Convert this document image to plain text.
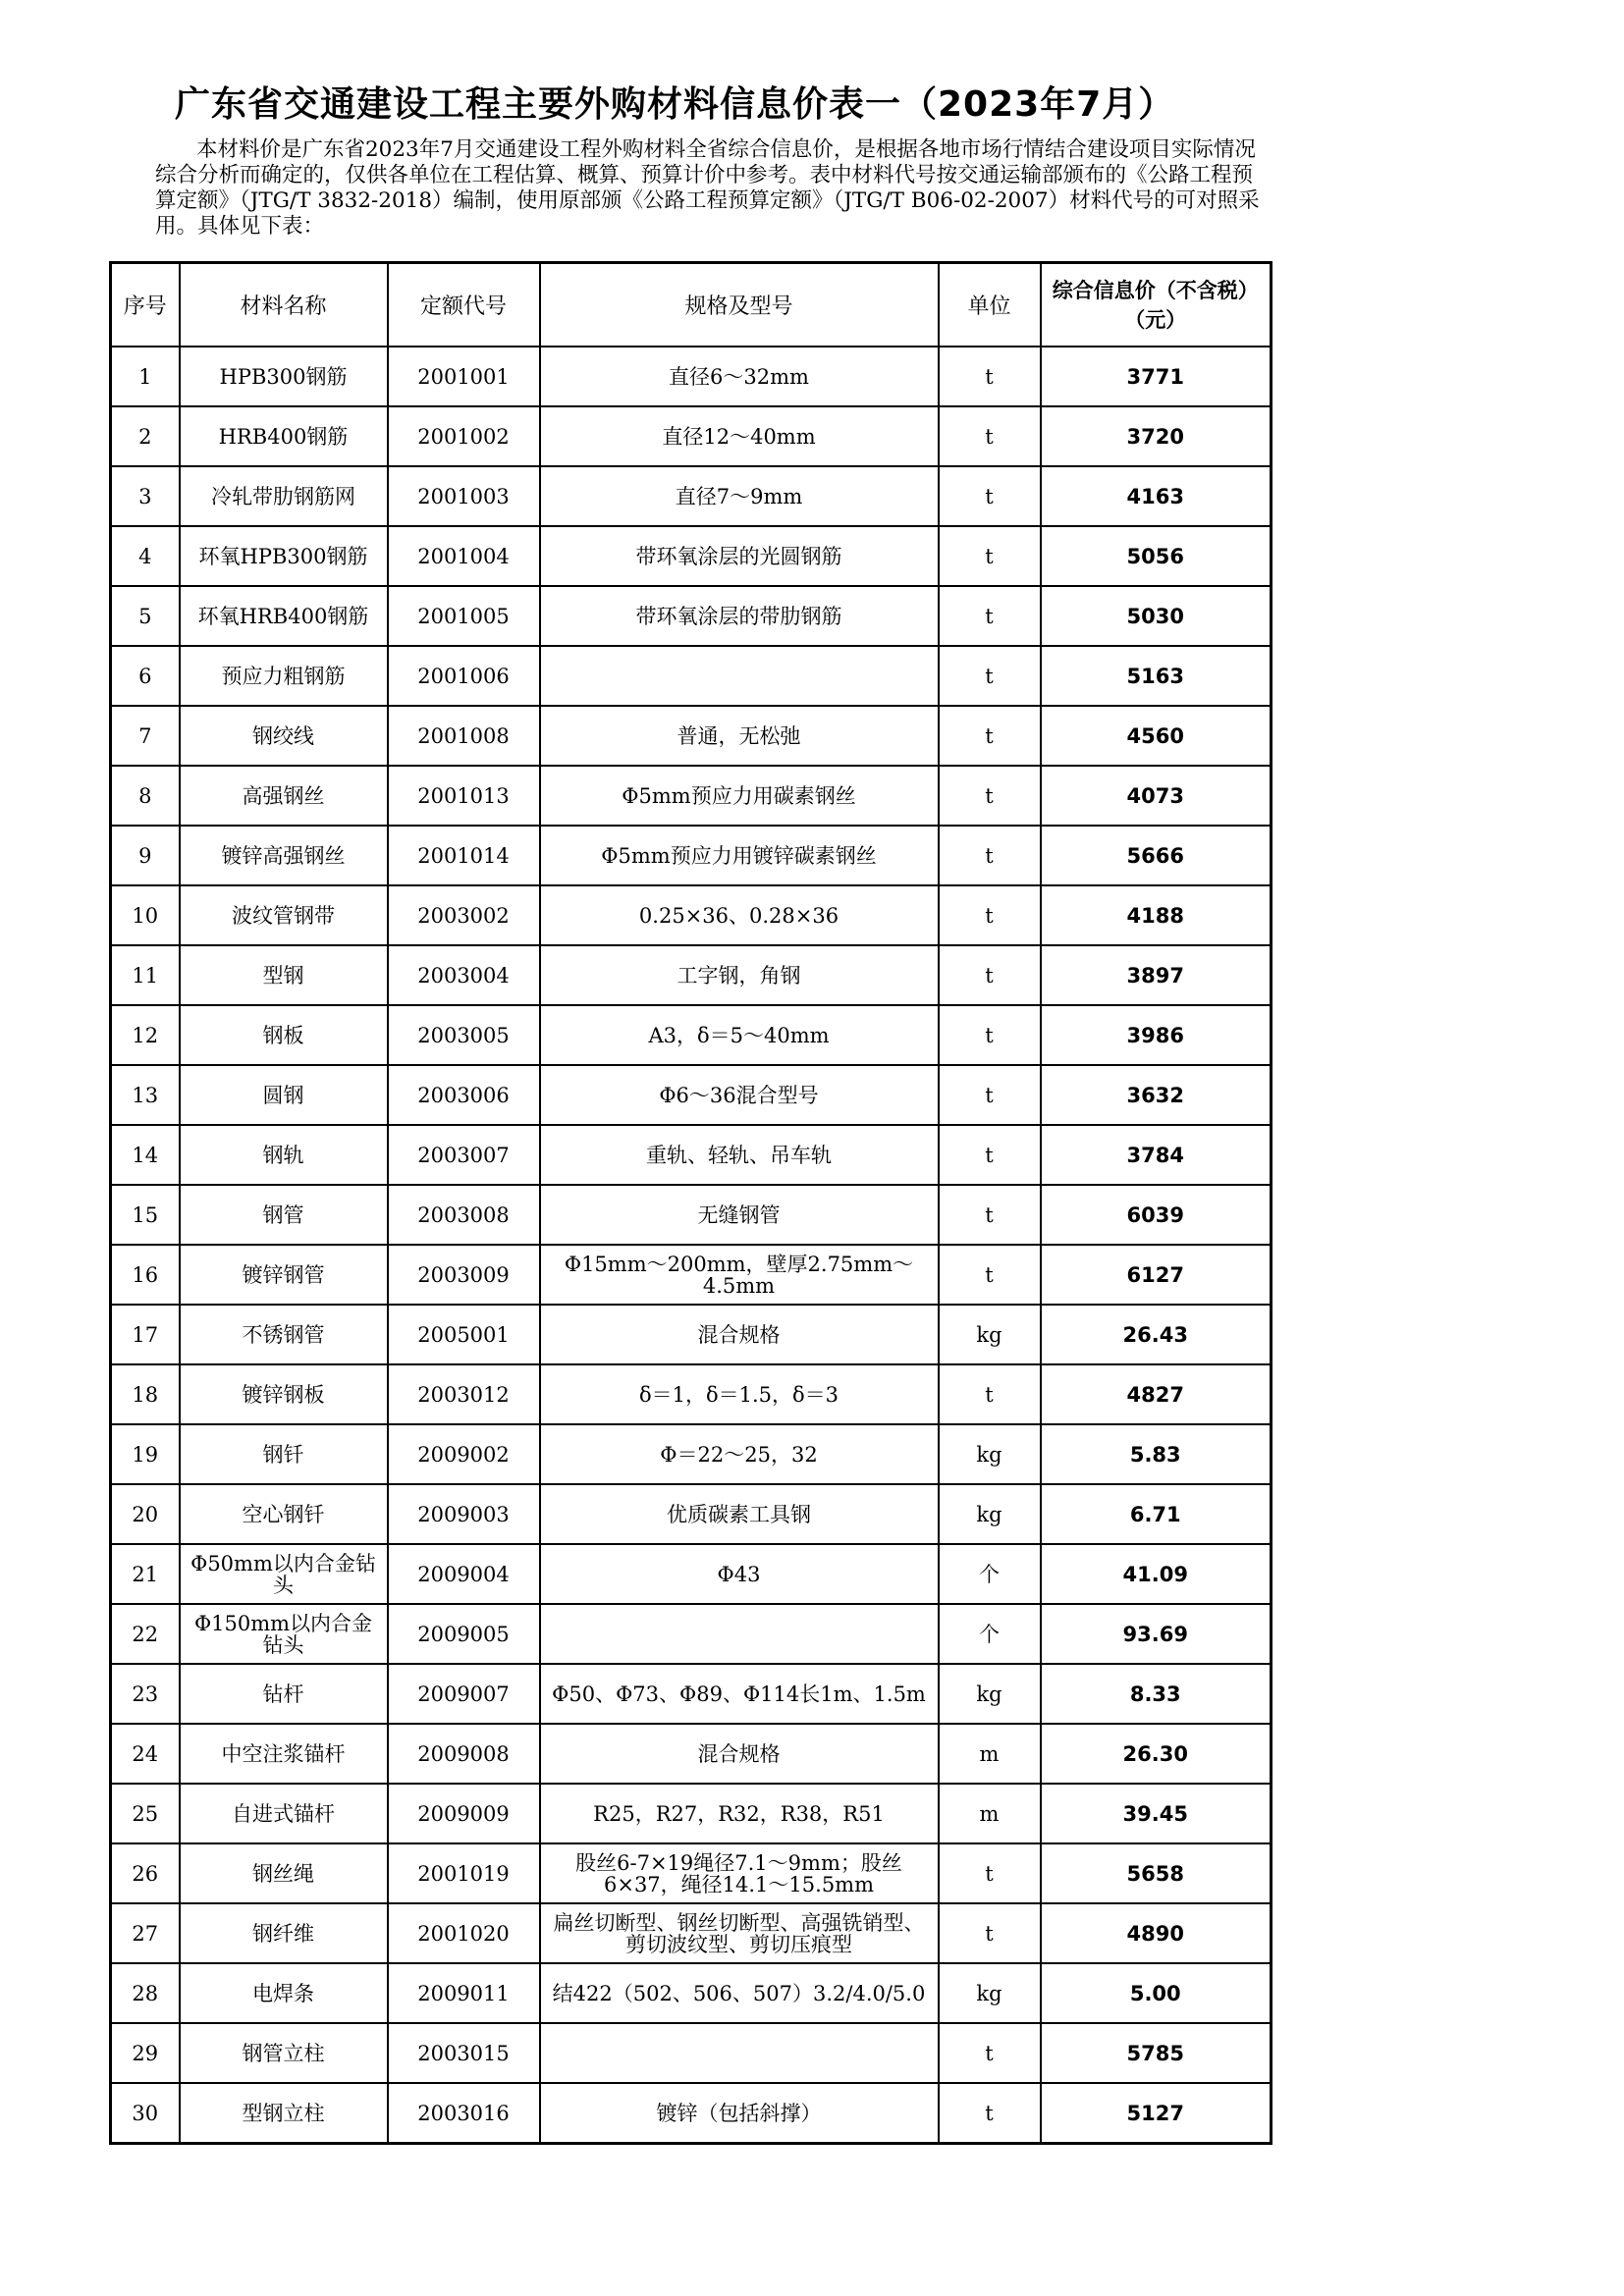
广东省交通建设工程主要外购材料信息价表一（2023年7月）
本材料价是广东省2023年7月交通建设工程外购材料全省综合信息价，是根据各地市场行情结合建设项目实际情况综合分析而确定的，仅供各单位在工程估算、概算、预算计价中参考。表中材料代号按交通运输部颁布的《公路工程预算定额》（JTG/T 3832-2018）编制，使用原部颁《公路工程预算定额》（JTG/T B06-02-2007）材料代号的可对照采用。具体见下表：
序号	材料名称	定额代号	规格及型号	单位	综合信息价（不含税）（元）
1	HPB300钢筋	2001001	直径6～32mm	t	3771
2	HRB400钢筋	2001002	直径12～40mm	t	3720
3	冷轧带肋钢筋网	2001003	直径7～9mm	t	4163
4	环氧HPB300钢筋	2001004	带环氧涂层的光圆钢筋	t	5056
5	环氧HRB400钢筋	2001005	带环氧涂层的带肋钢筋	t	5030
6	预应力粗钢筋	2001006		t	5163
7	钢绞线	2001008	普通，无松弛	t	4560
8	高强钢丝	2001013	Φ5mm预应力用碳素钢丝	t	4073
9	镀锌高强钢丝	2001014	Φ5mm预应力用镀锌碳素钢丝	t	5666
10	波纹管钢带	2003002	0.25×36、0.28×36	t	4188
11	型钢	2003004	工字钢，角钢	t	3897
12	钢板	2003005	A3，δ＝5～40mm	t	3986
13	圆钢	2003006	Φ6～36混合型号	t	3632
14	钢轨	2003007	重轨、轻轨、吊车轨	t	3784
15	钢管	2003008	无缝钢管	t	6039
16	镀锌钢管	2003009	Φ15mm～200mm，壁厚2.75mm～4.5mm	t	6127
17	不锈钢管	2005001	混合规格	kg	26.43
18	镀锌钢板	2003012	δ＝1，δ＝1.5，δ＝3	t	4827
19	钢钎	2009002	Φ＝22～25，32	kg	5.83
20	空心钢钎	2009003	优质碳素工具钢	kg	6.71
21	Φ50mm以内合金钻头	2009004	Φ43	个	41.09
22	Φ150mm以内合金钻头	2009005		个	93.69
23	钻杆	2009007	Φ50、Φ73、Φ89、Φ114长1m、1.5m	kg	8.33
24	中空注浆锚杆	2009008	混合规格	m	26.30
25	自进式锚杆	2009009	R25，R27，R32，R38，R51	m	39.45
26	钢丝绳	2001019	股丝6-7×19绳径7.1～9mm；股丝6×37，绳径14.1～15.5mm	t	5658
27	钢纤维	2001020	扁丝切断型、钢丝切断型、高强铣销型、剪切波纹型、剪切压痕型	t	4890
28	电焊条	2009011	结422（502、506、507）3.2/4.0/5.0	kg	5.00
29	钢管立柱	2003015		t	5785
30	型钢立柱	2003016	镀锌（包括斜撑）	t	5127
